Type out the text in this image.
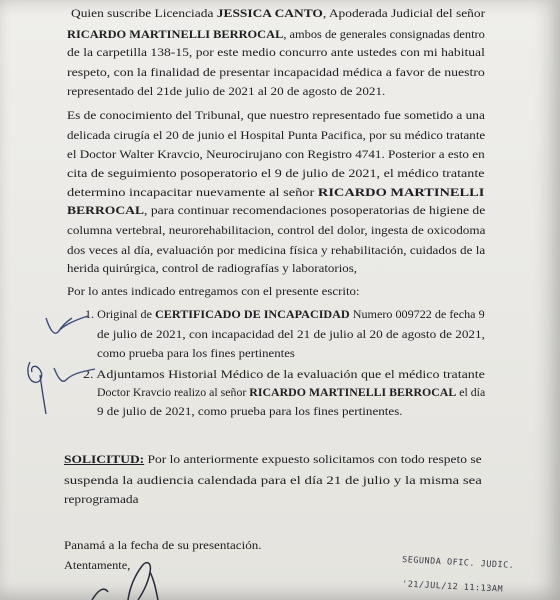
Quien suscribe Licenciada JESSICA CANTO, Apoderada Judicial del señor
RICARDO MARTINELLI BERROCAL, ambos de generales consignadas dentro
de la carpetilla 138-15, por este medio concurro ante ustedes con mi habitual
respeto, con la finalidad de presentar incapacidad médica a favor de nuestro
representado del 21de julio de 2021 al 20 de agosto de 2021.
Es de conocimiento del Tribunal, que nuestro representado fue sometido a una
delicada cirugía el 20 de junio el Hospital Punta Pacifica, por su médico tratante
el Doctor Walter Kravcio, Neurocirujano con Registro 4741. Posterior a esto en
cita de seguimiento posoperatorio el 9 de julio de 2021, el médico tratante
determino incapacitar nuevamente al señor RICARDO MARTINELLI
BERROCAL, para continuar recomendaciones posoperatorias de higiene de
columna vertebral, neurorehabilitacion, control del dolor, ingesta de oxicodoma
dos veces al día, evaluación por medicina física y rehabilitación, cuidados de la
herida quirúrgica, control de radiografías y laboratorios,
Por lo antes indicado entregamos con el presente escrito:
1. Original de CERTIFICADO DE INCAPACIDAD Numero 009722 de fecha 9
de julio de 2021, con incapacidad del 21 de julio al 20 de agosto de 2021,
como prueba para los fines pertinentes
2. Adjuntamos Historial Médico de la evaluación que el médico tratante
Doctor Kravcio realizo al señor RICARDO MARTINELLI BERROCAL el día
9 de julio de 2021, como prueba para los fines pertinentes.
SOLICITUD: Por lo anteriormente expuesto solicitamos con todo respeto se
suspenda la audiencia calendada para el día 21 de julio y la misma sea
reprogramada
Panamá a la fecha de su presentación.
Atentamente,	SEGUNDA OFIC. JUDIC.
'21/JUL/12 11:13AM
